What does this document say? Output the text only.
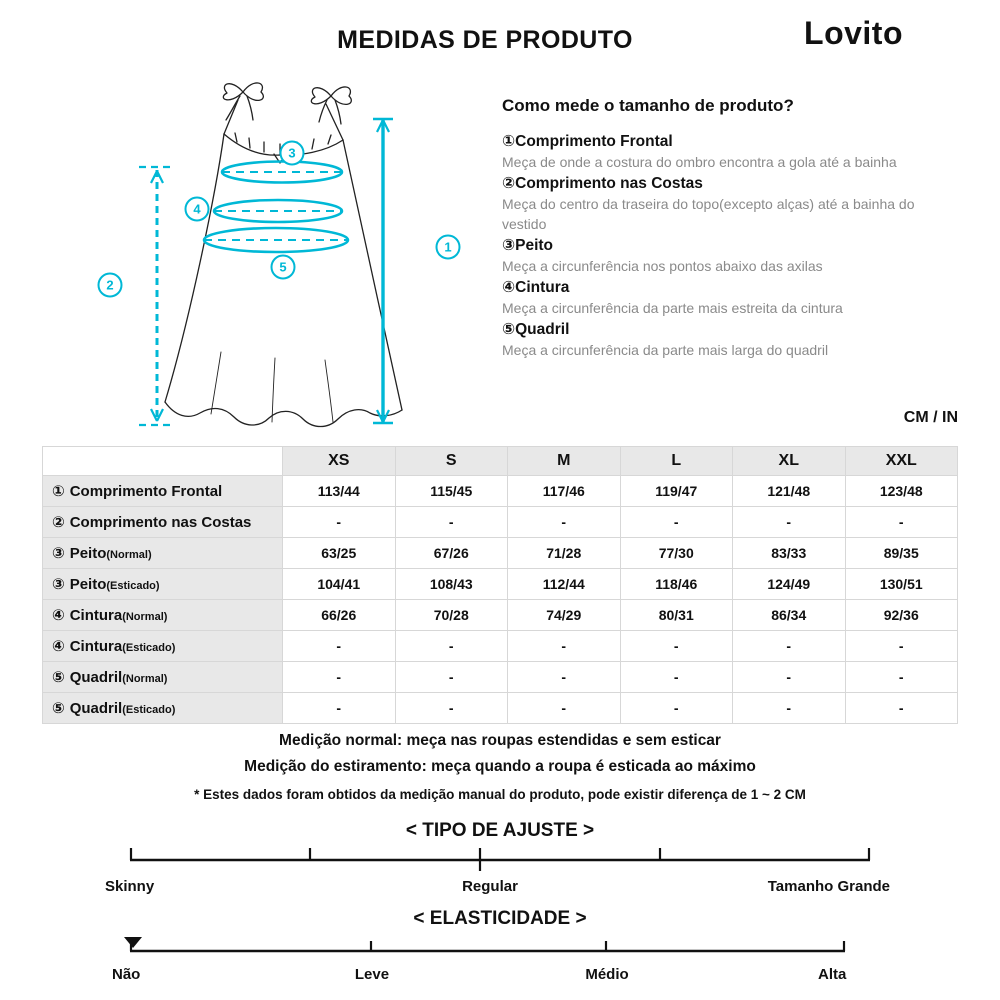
MEDIDAS DE PRODUTO	Lovito
1
2
3
4
5
Como mede o tamanho de produto?
①Comprimento Frontal
Meça de onde a costura do ombro encontra a gola até a bainha
②Comprimento nas Costas
Meça do centro da traseira do topo(excepto alças) até a bainha do vestido
③Peito
Meça a circunferência nos pontos abaixo das axilas
④Cintura
Meça a circunferência da parte mais estreita da cintura
⑤Quadril
Meça a circunferência da parte mais larga do quadril
CM / IN
	XS	S	M	L	XL	XXL
① Comprimento Frontal	113/44	115/45	117/46	119/47	121/48	123/48
② Comprimento nas Costas	-	-	-	-	-	-
③ Peito(Normal)	63/25	67/26	71/28	77/30	83/33	89/35
③ Peito(Esticado)	104/41	108/43	112/44	118/46	124/49	130/51
④ Cintura(Normal)	66/26	70/28	74/29	80/31	86/34	92/36
④ Cintura(Esticado)	-	-	-	-	-	-
⑤ Quadril(Normal)	-	-	-	-	-	-
⑤ Quadril(Esticado)	-	-	-	-	-	-
Medição normal: meça nas roupas estendidas e sem esticar
Medição do estiramento: meça quando a roupa é esticada ao máximo
* Estes dados foram obtidos da medição manual do produto, pode existir diferença de 1 ~ 2 CM
< TIPO DE AJUSTE >
Skinny	Regular	Tamanho Grande
< ELASTICIDADE >
Não	Leve	Médio	Alta
